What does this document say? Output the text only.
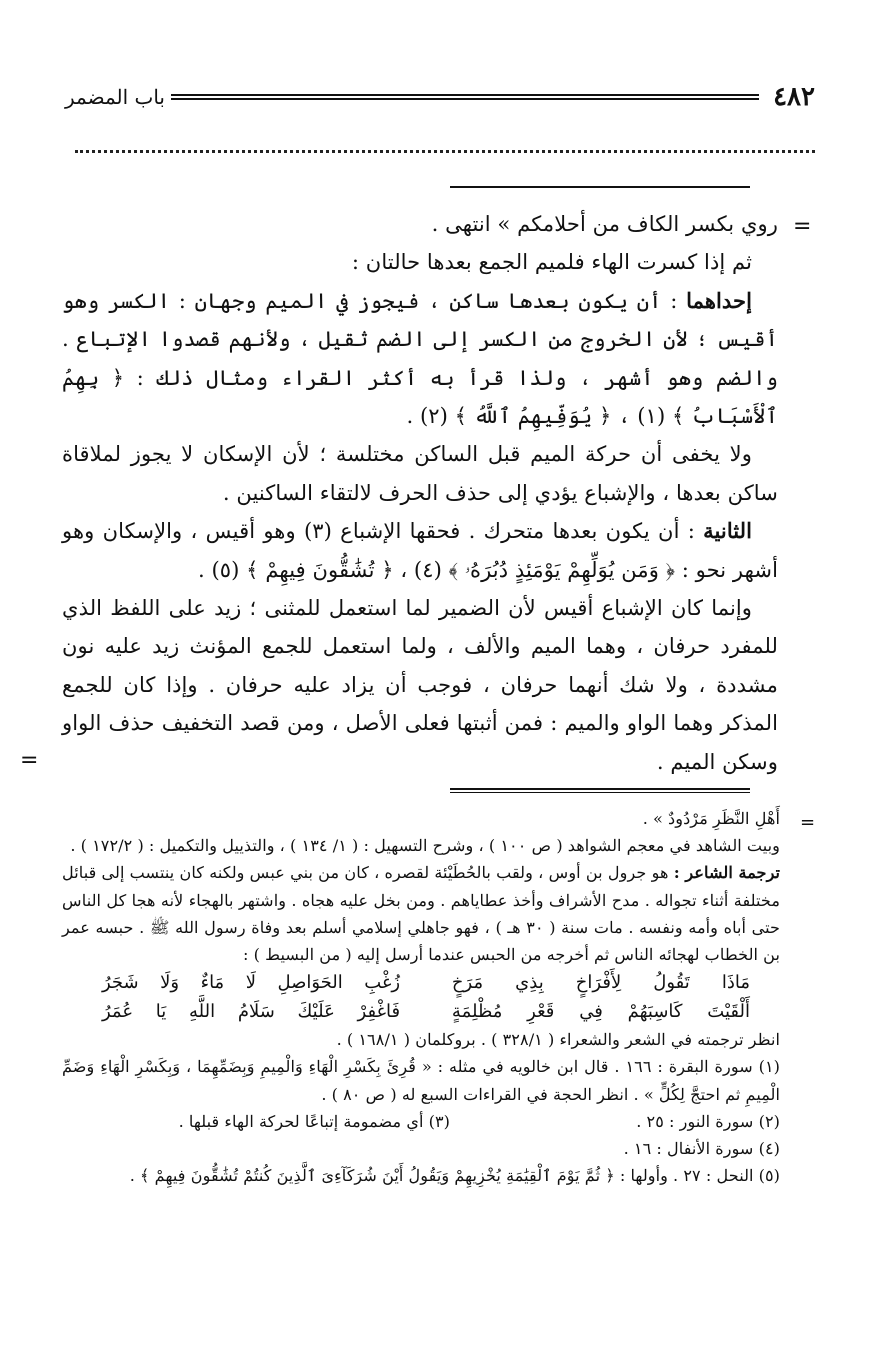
٤٨٢
باب المضمر
=

روي بكسر الكاف من أحلامكم » انتهى .

ثم إذا كسرت الهاء فلميم الجمع بعدها حالتان :

إحداهما : أن يكون بعدها ساكن ، فيجوز في الميم وجهان : الكسر وهو أقيس ؛ لأن الخروج من الكسر إلى الضم ثقيل ، ولأنهم قصدوا الإتباع . والضم وهو أشهر ، ولذا قرأ به أكثر القراء ومثال ذلك : ﴿ بِهِمُ ٱلْأَسْبَابُ ﴾ (١) ، ﴿ يُوَفِّيهِمُ ٱللَّهُ ﴾ (٢) .

ولا يخفى أن حركة الميم قبل الساكن مختلسة ؛ لأن الإسكان لا يجوز لملاقاة ساكن بعدها ، والإشباع يؤدي إلى حذف الحرف لالتقاء الساكنين .

الثانية : أن يكون بعدها متحرك . فحقها الإشباع (٣) وهو أقيس ، والإسكان وهو أشهر نحو : ﴿ وَمَن يُوَلِّهِمْ يَوْمَئِذٍ دُبُرَهُۥ ﴾ (٤) ، ﴿ تُشَٰقُّونَ فِيهِمْ ﴾ (٥) .

وإنما كان الإشباع أقيس لأن الضمير لما استعمل للمثنى ؛ زيد على اللفظ الذي للمفرد حرفان ، وهما الميم والألف ، ولما استعمل للجمع المؤنث زيد عليه نون مشددة ، ولا شك أنهما حرفان ، فوجب أن يزاد عليه حرفان . وإذا كان للجمع المذكر وهما الواو والميم : فمن أثبتها فعلى الأصل ، ومن قصد التخفيف حذف الواو وسكن الميم .

=
=

أَهْلِ النَّظَرِ مَرْدُودٌ » .

وبيت الشاهد في معجم الشواهد ( ص ١٠٠ ) ، وشرح التسهيل : ( ١/ ١٣٤ ) ، والتذييل والتكميل : ( ١٧٢/٢ ) .

ترجمة الشاعر : هو جرول بن أوس ، ولقب بالحُطَيْئة لقصره ، كان من بني عبس ولكنه كان ينتسب إلى قبائل مختلفة أثناء تجواله . مدح الأشراف وأخذ عطاياهم . ومن بخل عليه هجاه . واشتهر بالهجاء لأنه هجا كل الناس حتى أباه وأمه ونفسه . مات سنة ( ٣٠ هـ ) ، فهو جاهلي إسلامي أسلم بعد وفاة رسول الله ﷺ . حبسه عمر بن الخطاب لهجائه الناس ثم أخرجه من الحبس عندما أرسل إليه ( من البسيط ) :

مَاذَا تَقُولُ لِأَفْرَاخٍ بِذِي مَرَخٍ
زُغْبِ الحَوَاصِلِ لَا مَاءٌ وَلَا شَجَرُ
أَلْقَيْتَ كَاسِبَهُمْ فِي قَعْرِ مُظْلِمَةٍ
فَاغْفِرْ عَلَيْكَ سَلَامُ اللَّهِ يَا عُمَرُ

انظر ترجمته في الشعر والشعراء ( ٣٢٨/١ ) . بروكلمان ( ١٦٨/١ ) .

(١) سورة البقرة : ١٦٦ . قال ابن خالويه في مثله : « قُرِئَ بِكَسْرِ الْهَاءِ وَالْمِيمِ وَبِضَمِّهِمَا ، وَبِكَسْرِ الْهَاءِ وَضَمِّ الْمِيمِ ثم احتجَّ لِكُلٍّ » . انظر الحجة في القراءات السبع له ( ص ٨٠ ) .

(٢) سورة النور : ٢٥ .
(٣) أي مضمومة إتباعًا لحركة الهاء قبلها .

(٤) سورة الأنفال : ١٦ .

(٥) النحل : ٢٧ . وأولها : ﴿ ثُمَّ يَوْمَ ٱلْقِيَٰمَةِ يُخْزِيهِمْ وَيَقُولُ أَيْنَ شُرَكَآءِىَ ٱلَّذِينَ كُنتُمْ تُشَٰقُّونَ فِيهِمْ ﴾ .
